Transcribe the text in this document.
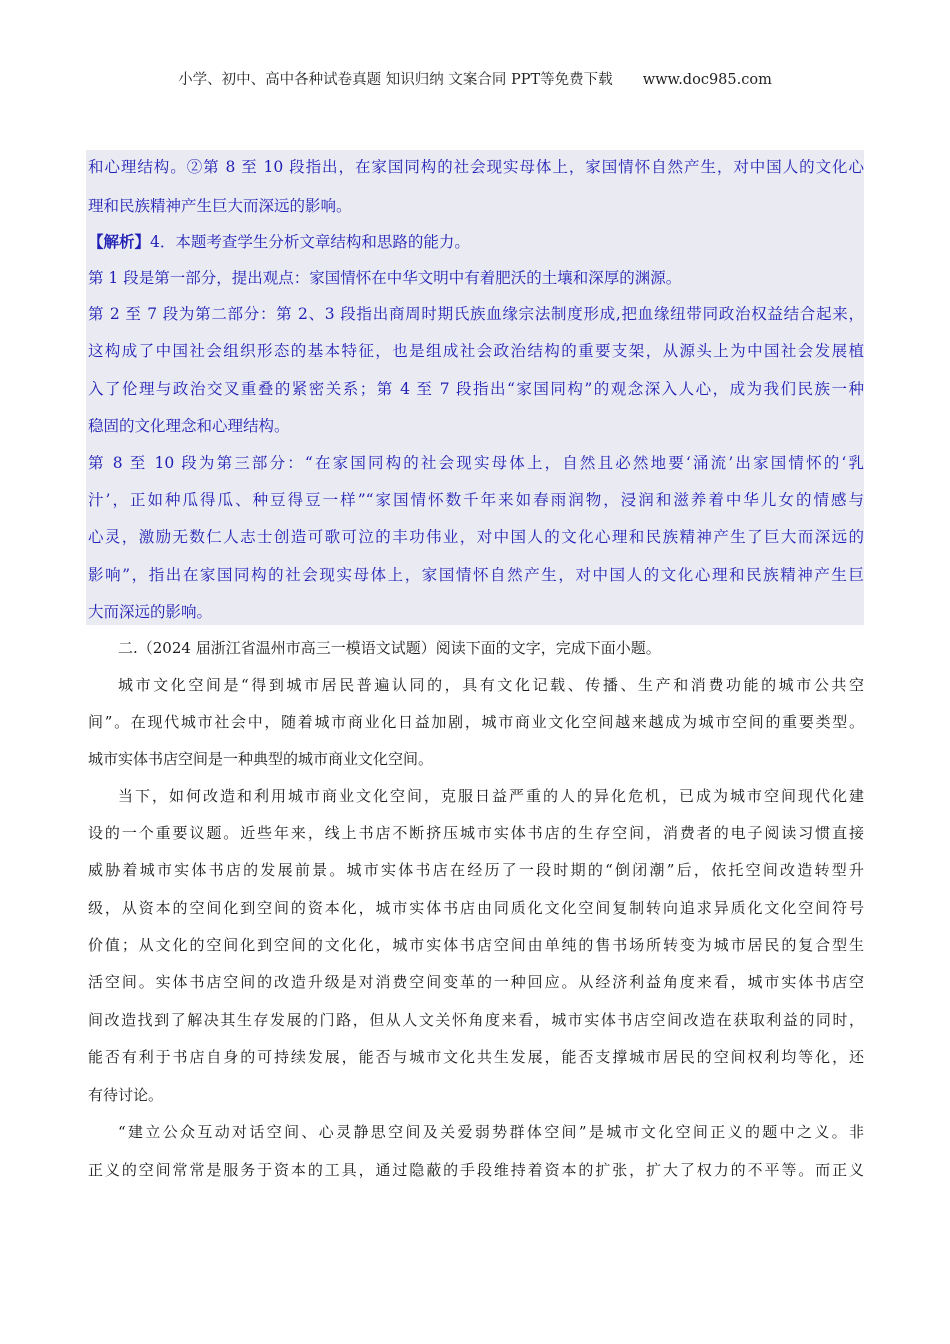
小学、初中、高中各种试卷真题 知识归纳 文案合同 PPT等免费下载 www.doc985.com
和心理结构。②第 8 至 10 段指出，在家国同构的社会现实母体上，家国情怀自然产生，对中国人的文化心
理和民族精神产生巨大而深远的影响。
【解析】4．本题考查学生分析文章结构和思路的能力。
第 1 段是第一部分，提出观点：家国情怀在中华文明中有着肥沃的土壤和深厚的渊源。
第 2 至 7 段为第二部分：第 2、3 段指出商周时期氏族血缘宗法制度形成,把血缘纽带同政治权益结合起来，
这构成了中国社会组织形态的基本特征，也是组成社会政治结构的重要支架，从源头上为中国社会发展植
入了伦理与政治交叉重叠的紧密关系；第 4 至 7 段指出“家国同构”的观念深入人心，成为我们民族一种
稳固的文化理念和心理结构。
第 8 至 10 段为第三部分：“在家国同构的社会现实母体上，自然且必然地要‘涌流’出家国情怀的‘乳
汁’，正如种瓜得瓜、种豆得豆一样”“家国情怀数千年来如春雨润物，浸润和滋养着中华儿女的情感与
心灵，激励无数仁人志士创造可歌可泣的丰功伟业，对中国人的文化心理和民族精神产生了巨大而深远的
影响”，指出在家国同构的社会现实母体上，家国情怀自然产生，对中国人的文化心理和民族精神产生巨
大而深远的影响。
二.（2024 届浙江省温州市高三一模语文试题）阅读下面的文字，完成下面小题。
城市文化空间是“得到城市居民普遍认同的，具有文化记载、传播、生产和消费功能的城市公共空
间”。在现代城市社会中，随着城市商业化日益加剧，城市商业文化空间越来越成为城市空间的重要类型。
城市实体书店空间是一种典型的城市商业文化空间。
当下，如何改造和利用城市商业文化空间，克服日益严重的人的异化危机，已成为城市空间现代化建
设的一个重要议题。近些年来，线上书店不断挤压城市实体书店的生存空间，消费者的电子阅读习惯直接
威胁着城市实体书店的发展前景。城市实体书店在经历了一段时期的“倒闭潮”后，依托空间改造转型升
级，从资本的空间化到空间的资本化，城市实体书店由同质化文化空间复制转向追求异质化文化空间符号
价值；从文化的空间化到空间的文化化，城市实体书店空间由单纯的售书场所转变为城市居民的复合型生
活空间。实体书店空间的改造升级是对消费空间变革的一种回应。从经济利益角度来看，城市实体书店空
间改造找到了解决其生存发展的门路，但从人文关怀角度来看，城市实体书店空间改造在获取利益的同时，
能否有利于书店自身的可持续发展，能否与城市文化共生发展，能否支撑城市居民的空间权利均等化，还
有待讨论。
“建立公众互动对话空间、心灵静思空间及关爱弱势群体空间”是城市文化空间正义的题中之义。非
正义的空间常常是服务于资本的工具，通过隐蔽的手段维持着资本的扩张，扩大了权力的不平等。而正义
